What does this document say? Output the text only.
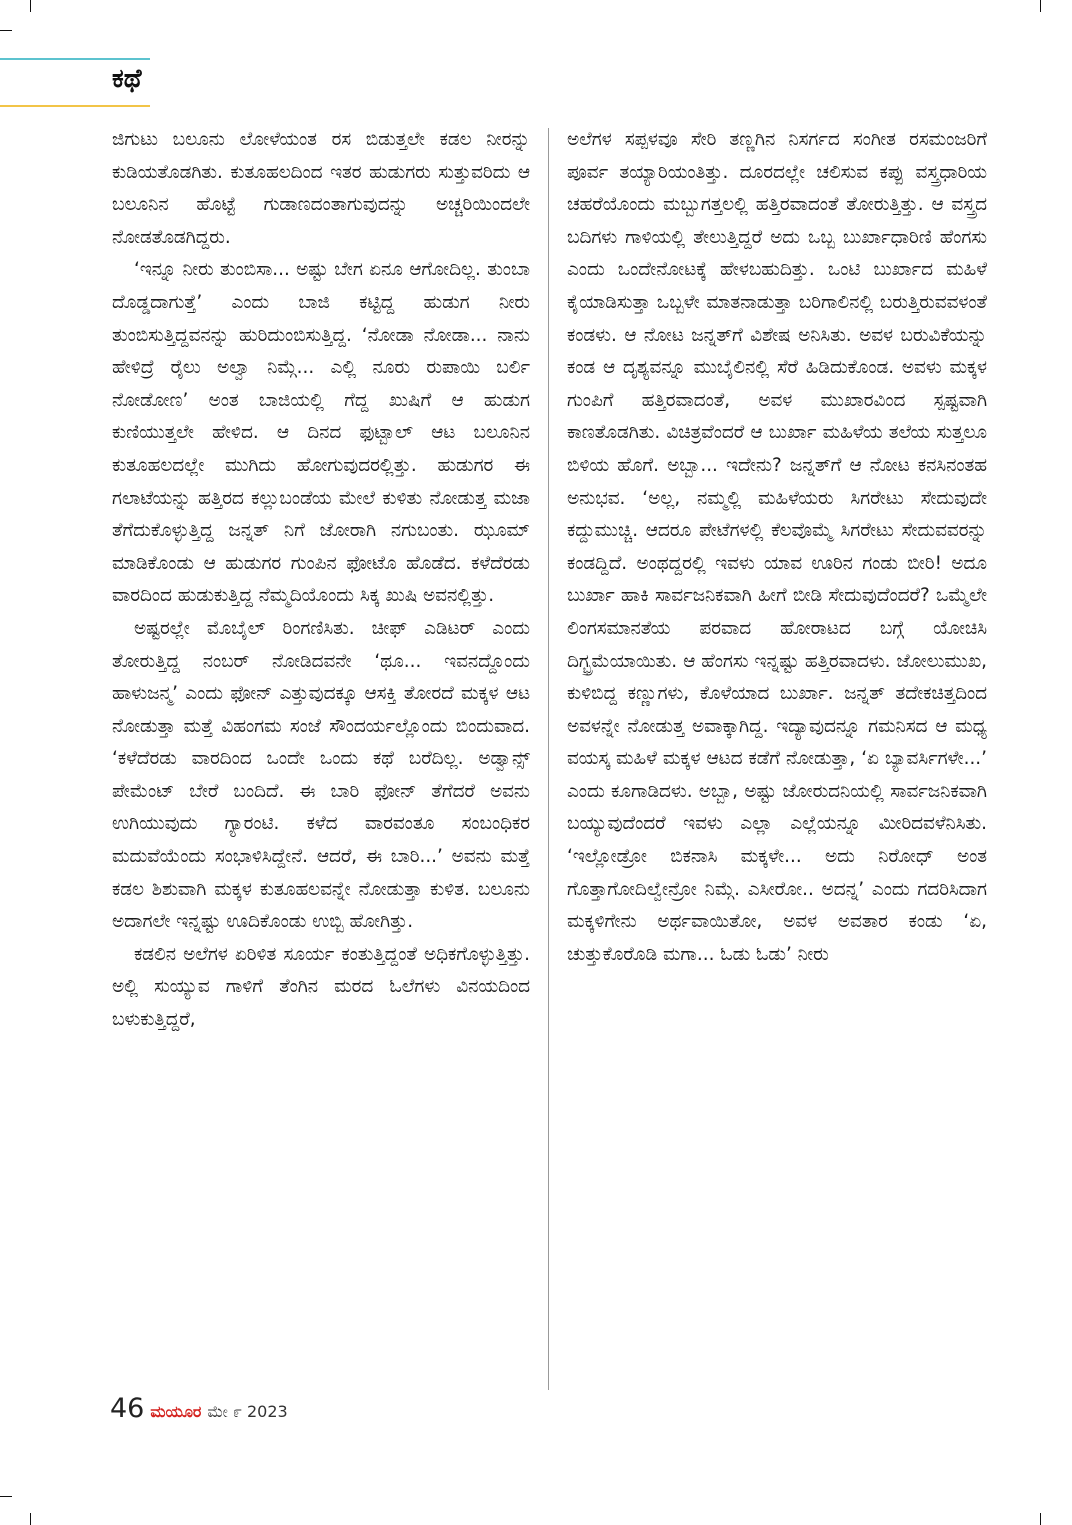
ಕಥೆ

ಜಿಗುಟು ಬಲೂನು ಲೋಳೆಯಂತ ರಸ ಬಿಡುತ್ತಲೇ ಕಡಲ ನೀರನ್ನು ಕುಡಿಯತೊಡಗಿತು. ಕುತೂಹಲದಿಂದ ಇತರ ಹುಡುಗರು ಸುತ್ತುವರಿದು ಆ ಬಲೂನಿನ ಹೊಟ್ಟೆ ಗುಡಾಣದಂತಾಗುವುದನ್ನು ಅಚ್ಚರಿಯಿಂದಲೇ ನೋಡತೊಡಗಿದ್ದರು.

‘ಇನ್ನೂ ನೀರು ತುಂಬಿಸಾ... ಅಷ್ಟು ಬೇಗ ಏನೂ ಆಗೋದಿಲ್ಲ. ತುಂಬಾ ದೊಡ್ಡದಾಗುತ್ತೆ’ ಎಂದು ಬಾಜಿ ಕಟ್ಟಿದ್ದ ಹುಡುಗ ನೀರು ತುಂಬಿಸುತ್ತಿದ್ದವನನ್ನು ಹುರಿದುಂಬಿಸುತ್ತಿದ್ದ. ‘ನೋಡಾ ನೋಡಾ... ನಾನು ಹೇಳಿದ್ರೆ ರೈಲು ಅಲ್ವಾ ನಿಮ್ಗೆ... ಎಲ್ಲಿ ನೂರು ರುಪಾಯಿ ಬರ್ಲಿ ನೋಡೋಣ’ ಅಂತ ಬಾಜಿಯಲ್ಲಿ ಗೆದ್ದ ಖುಷಿಗೆ ಆ ಹುಡುಗ ಕುಣಿಯುತ್ತಲೇ ಹೇಳಿದ. ಆ ದಿನದ ಫುಟ್ಬಾಲ್ ಆಟ ಬಲೂನಿನ ಕುತೂಹಲದಲ್ಲೇ ಮುಗಿದು ಹೋಗುವುದರಲ್ಲಿತ್ತು. ಹುಡುಗರ ಈ ಗಲಾಟೆಯನ್ನು ಹತ್ತಿರದ ಕಲ್ಲುಬಂಡೆಯ ಮೇಲೆ ಕುಳಿತು ನೋಡುತ್ತ ಮಜಾ ತೆಗೆದುಕೊಳ್ಳುತ್ತಿದ್ದ ಜನ್ನತ್ ನಿಗೆ ಜೋರಾಗಿ ನಗುಬಂತು. ಝೂಮ್ ಮಾಡಿಕೊಂಡು ಆ ಹುಡುಗರ ಗುಂಪಿನ ಫೋಟೊ ಹೊಡೆದ. ಕಳೆದೆರಡು ವಾರದಿಂದ ಹುಡುಕುತ್ತಿದ್ದ ನೆಮ್ಮದಿಯೊಂದು ಸಿಕ್ಕ ಖುಷಿ ಅವನಲ್ಲಿತ್ತು.

ಅಷ್ಟರಲ್ಲೇ ಮೊಬೈಲ್ ರಿಂಗಣಿಸಿತು. ಚೀಫ್ ಎಡಿಟರ್ ಎಂದು ತೋರುತ್ತಿದ್ದ ನಂಬರ್ ನೋಡಿದವನೇ ‘ಥೂ... ಇವನದ್ದೊಂದು ಹಾಳುಜನ್ಮ’ ಎಂದು ಫೋನ್ ಎತ್ತುವುದಕ್ಕೂ ಆಸಕ್ತಿ ತೋರದೆ ಮಕ್ಕಳ ಆಟ ನೋಡುತ್ತಾ ಮತ್ತೆ ವಿಹಂಗಮ ಸಂಜೆ ಸೌಂದರ್ಯಲ್ಲೊಂದು ಬಿಂದುವಾದ. ‘ಕಳೆದೆರಡು ವಾರದಿಂದ ಒಂದೇ ಒಂದು ಕಥೆ ಬರೆದಿಲ್ಲ. ಅಡ್ವಾನ್ಸ್ ಪೇಮೆಂಟ್ ಬೇರೆ ಬಂದಿದೆ. ಈ ಬಾರಿ ಫೋನ್ ತೆಗೆದರೆ ಅವನು ಉಗಿಯುವುದು ಗ್ಯಾರಂಟಿ. ಕಳೆದ ವಾರವಂತೂ ಸಂಬಂಧಿಕರ ಮದುವೆಯೆಂದು ಸಂಭಾಳಿಸಿದ್ದೇನೆ. ಆದರೆ, ಈ ಬಾರಿ...’ ಅವನು ಮತ್ತೆ ಕಡಲ ಶಿಶುವಾಗಿ ಮಕ್ಕಳ ಕುತೂಹಲವನ್ನೇ ನೋಡುತ್ತಾ ಕುಳಿತ. ಬಲೂನು ಅದಾಗಲೇ ಇನ್ನಷ್ಟು ಊದಿಕೊಂಡು ಉಬ್ಬಿ ಹೋಗಿತ್ತು.

ಕಡಲಿನ ಅಲೆಗಳ ಏರಿಳಿತ ಸೂರ್ಯ ಕಂತುತ್ತಿದ್ದಂತೆ ಅಧಿಕಗೊಳ್ಳುತ್ತಿತ್ತು. ಅಲ್ಲಿ ಸುಯ್ಯುವ ಗಾಳಿಗೆ ತೆಂಗಿನ ಮರದ ಓಲೆಗಳು ವಿನಯದಿಂದ ಬಳುಕುತ್ತಿದ್ದರೆ,

ಅಲೆಗಳ ಸಪ್ಪಳವೂ ಸೇರಿ ತಣ್ಣಗಿನ ನಿಸರ್ಗದ ಸಂಗೀತ ರಸಮಂಜರಿಗೆ ಪೂರ್ವ ತಯ್ಯಾರಿಯಂತಿತ್ತು. ದೂರದಲ್ಲೇ ಚಲಿಸುವ ಕಪ್ಪು ವಸ್ತ್ರಧಾರಿಯ ಚಹರೆಯೊಂದು ಮಬ್ಬುಗತ್ತಲಲ್ಲಿ ಹತ್ತಿರವಾದಂತೆ ತೋರುತ್ತಿತ್ತು. ಆ ವಸ್ತ್ರದ ಬದಿಗಳು ಗಾಳಿಯಲ್ಲಿ ತೇಲುತ್ತಿದ್ದರೆ ಅದು ಒಬ್ಬ ಬುರ್ಖಾಧಾರಿಣಿ ಹೆಂಗಸು ಎಂದು ಒಂದೇನೋಟಕ್ಕೆ ಹೇಳಬಹುದಿತ್ತು. ಒಂಟಿ ಬುರ್ಖಾದ ಮಹಿಳೆ ಕೈಯಾಡಿಸುತ್ತಾ ಒಬ್ಬಳೇ ಮಾತನಾಡುತ್ತಾ ಬರಿಗಾಲಿನಲ್ಲಿ ಬರುತ್ತಿರುವವಳಂತೆ ಕಂಡಳು. ಆ ನೋಟ ಜನ್ನತ್‌ಗೆ ವಿಶೇಷ ಅನಿಸಿತು. ಅವಳ ಬರುವಿಕೆಯನ್ನು ಕಂಡ ಆ ದೃಶ್ಯವನ್ನೂ ಮುಬೈಲಿನಲ್ಲಿ ಸೆರೆ ಹಿಡಿದುಕೊಂಡ. ಅವಳು ಮಕ್ಕಳ ಗುಂಪಿಗೆ ಹತ್ತಿರವಾದಂತೆ, ಅವಳ ಮುಖಾರವಿಂದ ಸ್ಪಷ್ಟವಾಗಿ ಕಾಣತೊಡಗಿತು. ವಿಚಿತ್ರವೆಂದರೆ ಆ ಬುರ್ಖಾ ಮಹಿಳೆಯ ತಲೆಯ ಸುತ್ತಲೂ ಬಿಳಿಯ ಹೊಗೆ. ಅಬ್ಬಾ... ಇದೇನು? ಜನ್ನತ್‌ಗೆ ಆ ನೋಟ ಕನಸಿನಂತಹ ಅನುಭವ. ‘ಅಲ್ಲ, ನಮ್ಮಲ್ಲಿ ಮಹಿಳೆಯರು ಸಿಗರೇಟು ಸೇದುವುದೇ ಕದ್ದುಮುಚ್ಚಿ. ಆದರೂ ಪೇಟೆಗಳಲ್ಲಿ ಕೆಲವೊಮ್ಮೆ ಸಿಗರೇಟು ಸೇದುವವರನ್ನು ಕಂಡದ್ದಿದೆ. ಅಂಥದ್ದರಲ್ಲಿ ಇವಳು ಯಾವ ಊರಿನ ಗಂಡು ಬೀರಿ! ಅದೂ ಬುರ್ಖಾ ಹಾಕಿ ಸಾರ್ವಜನಿಕವಾಗಿ ಹೀಗೆ ಬೀಡಿ ಸೇದುವುದೆಂದರೆ? ಒಮ್ಮೆಲೇ ಲಿಂಗಸಮಾನತೆಯ ಪರವಾದ ಹೋರಾಟದ ಬಗ್ಗೆ ಯೋಚಿಸಿ ದಿಗ್ಭ್ರಮೆಯಾಯಿತು. ಆ ಹೆಂಗಸು ಇನ್ನಷ್ಟು ಹತ್ತಿರವಾದಳು. ಜೋಲುಮುಖ, ಕುಳಿಬಿದ್ದ ಕಣ್ಣುಗಳು, ಕೊಳೆಯಾದ ಬುರ್ಖಾ. ಜನ್ನತ್ ತದೇಕಚಿತ್ತದಿಂದ ಅವಳನ್ನೇ ನೋಡುತ್ತ ಅವಾಕ್ಕಾಗಿದ್ದ. ಇದ್ಯಾವುದನ್ನೂ ಗಮನಿಸದ ಆ ಮಧ್ಯ ವಯಸ್ಕ ಮಹಿಳೆ ಮಕ್ಕಳ ಆಟದ ಕಡೆಗೆ ನೋಡುತ್ತಾ, ‘ಏ ಬ್ಯಾವರ್ಸಿಗಳೇ...’ ಎಂದು ಕೂಗಾಡಿದಳು. ಅಬ್ಬಾ, ಅಷ್ಟು ಜೋರುದನಿಯಲ್ಲಿ ಸಾರ್ವಜನಿಕವಾಗಿ ಬಯ್ಯುವುದೆಂದರೆ ಇವಳು ಎಲ್ಲಾ ಎಲ್ಲೆಯನ್ನೂ ಮೀರಿದವಳೆನಿಸಿತು. ‘ಇಲ್ಲೋಡ್ರೋ ಬಿಕನಾಸಿ ಮಕ್ಕಳೇ... ಅದು ನಿರೋಧ್ ಅಂತ ಗೊತ್ತಾಗೋದಿಲ್ವೇನ್ರೋ ನಿಮ್ಗೆ. ಎಸೀರೋ.. ಅದನ್ನ’ ಎಂದು ಗದರಿಸಿದಾಗ ಮಕ್ಕಳಿಗೇನು ಅರ್ಥವಾಯಿತೋ, ಅವಳ ಅವತಾರ ಕಂಡು ‘ಏ, ಚುತ್ತುಕೊರೊಡಿ ಮಗಾ... ಓಡು ಓಡು’ ನೀರು

46 ಮಯೂರ ಮೇ ೯ 2023
